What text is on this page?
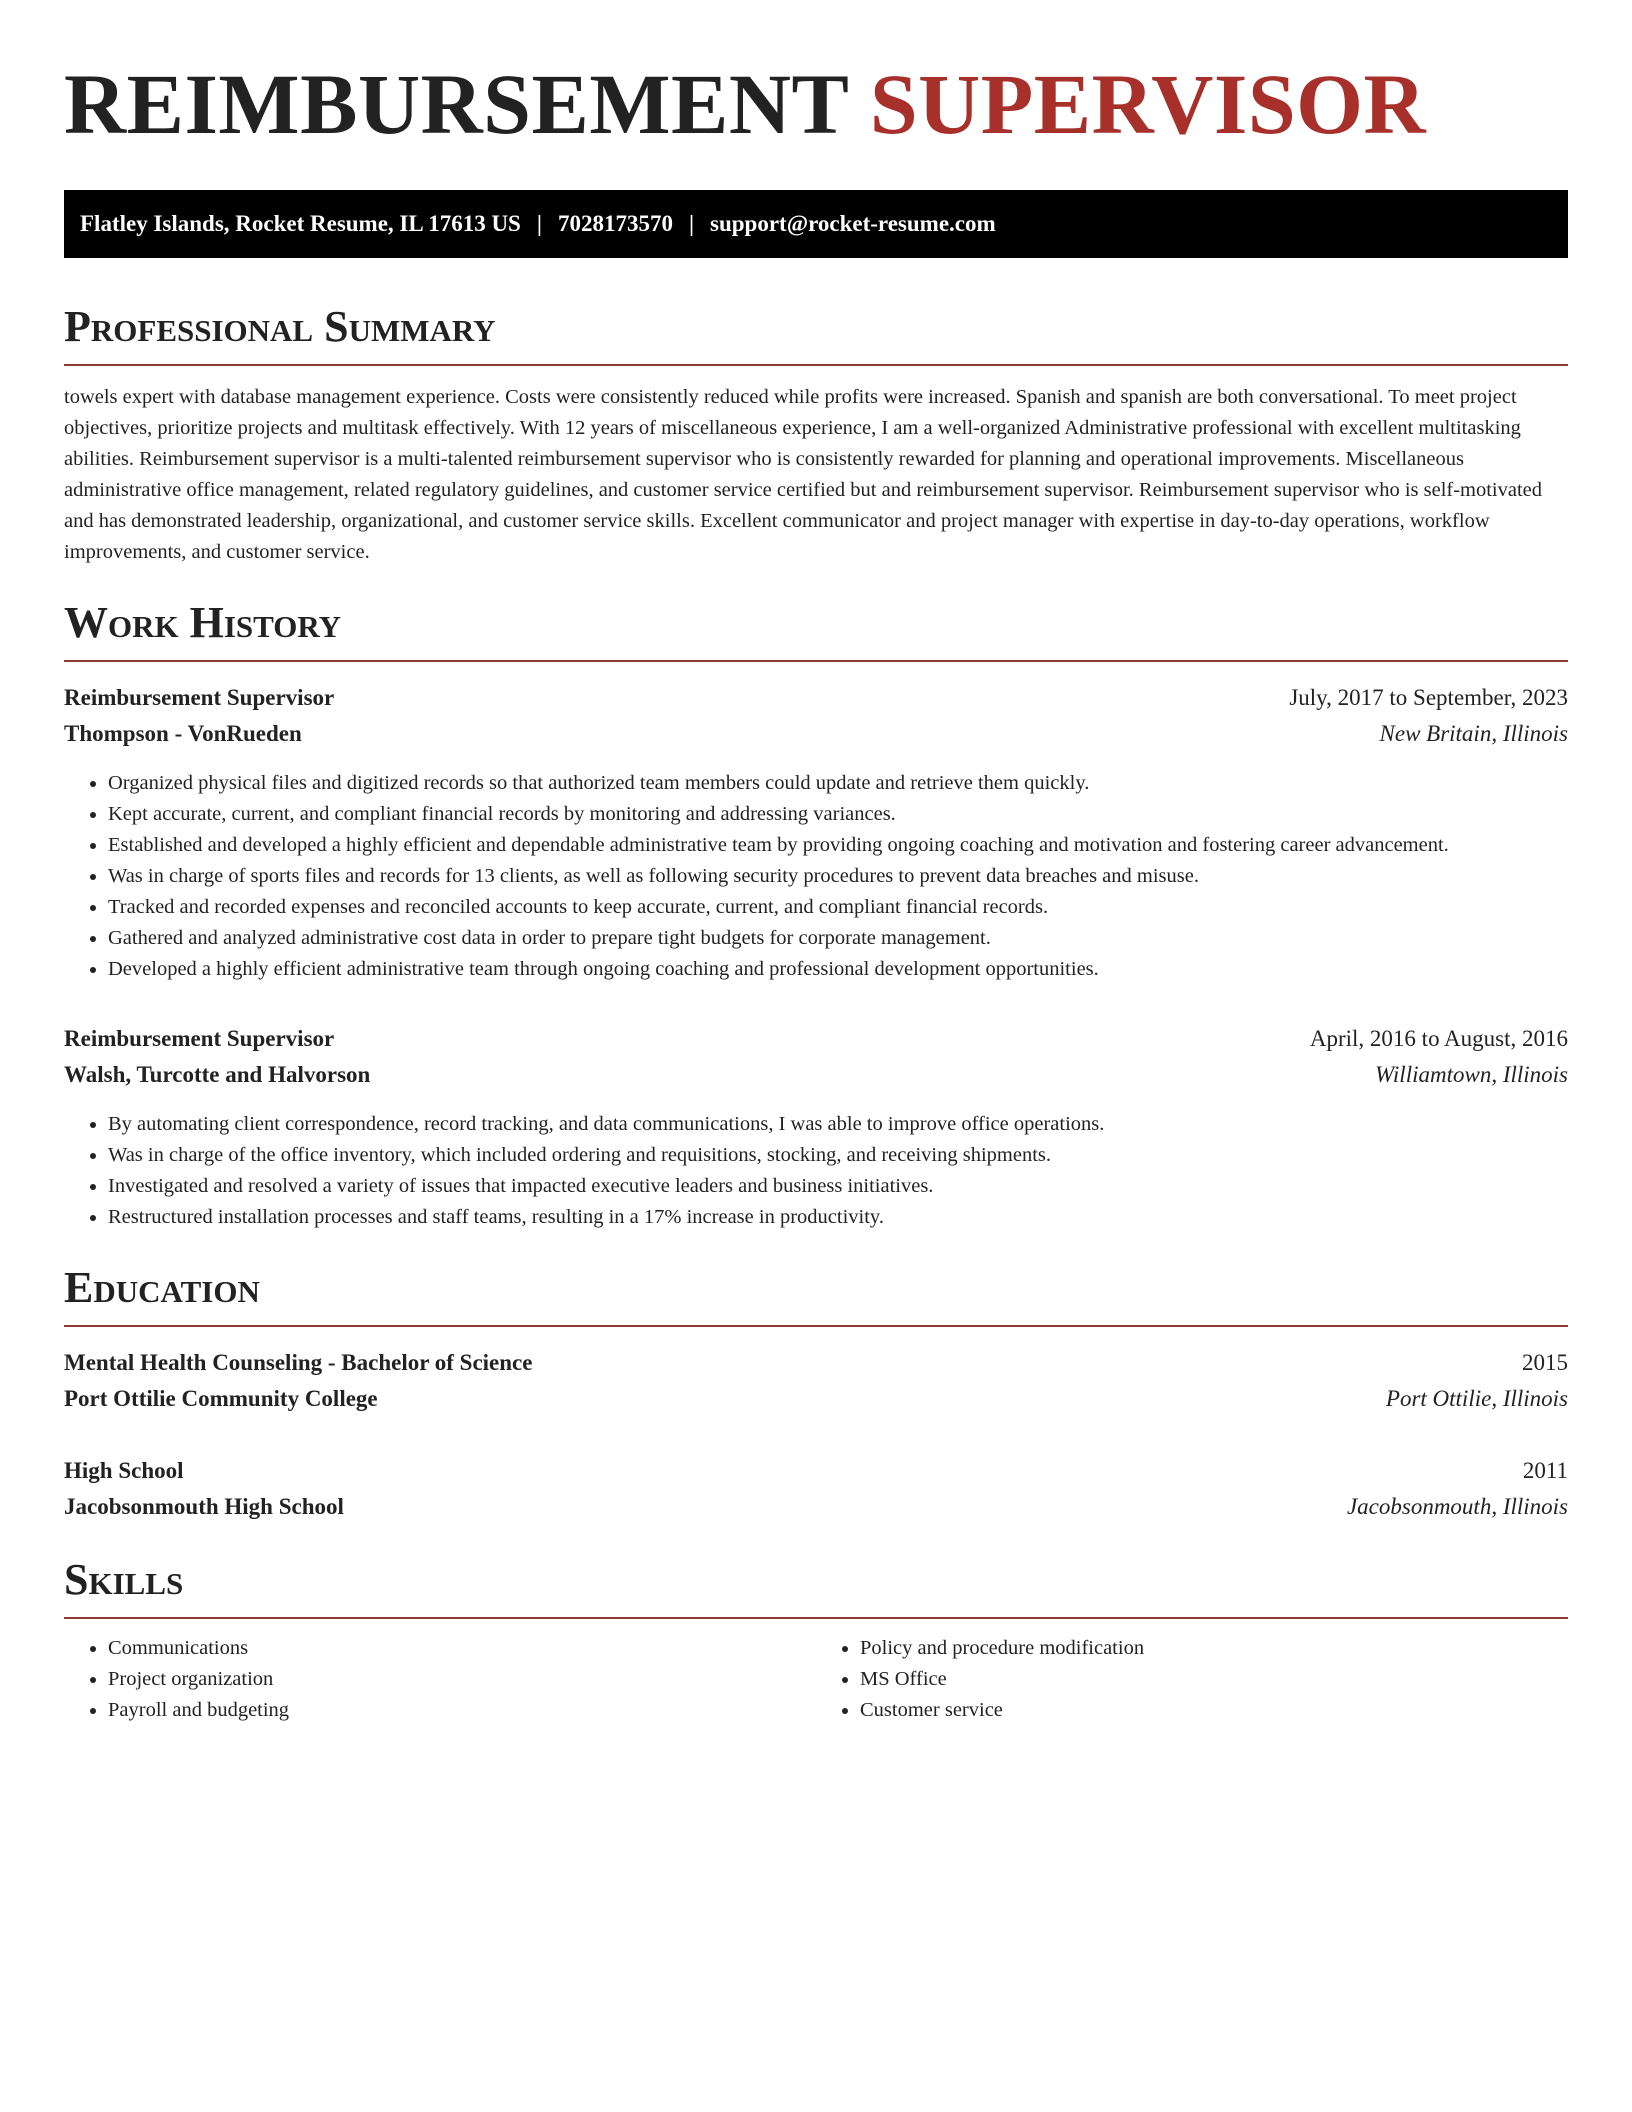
REIMBURSEMENT SUPERVISOR
Flatley Islands, Rocket Resume, IL 17613 US | 7028173570 | support@rocket-resume.com
Professional Summary

towels expert with database management experience. Costs were consistently reduced while profits were increased. Spanish and spanish are both conversational. To meet project objectives, prioritize projects and multitask effectively. With 12 years of miscellaneous experience, I am a well-organized Administrative professional with excellent multitasking abilities. Reimbursement supervisor is a multi-talented reimbursement supervisor who is consistently rewarded for planning and operational improvements. Miscellaneous administrative office management, related regulatory guidelines, and customer service certified but and reimbursement supervisor. Reimbursement supervisor who is self-motivated and has demonstrated leadership, organizational, and customer service skills. Excellent communicator and project manager with expertise in day-to-day operations, workflow improvements, and customer service.

Work History
Reimbursement Supervisor	July, 2017 to September, 2023
Thompson - VonRueden	New Britain, Illinois
• Organized physical files and digitized records so that authorized team members could update and retrieve them quickly.
• Kept accurate, current, and compliant financial records by monitoring and addressing variances.
• Established and developed a highly efficient and dependable administrative team by providing ongoing coaching and motivation and fostering career advancement.
• Was in charge of sports files and records for 13 clients, as well as following security procedures to prevent data breaches and misuse.
• Tracked and recorded expenses and reconciled accounts to keep accurate, current, and compliant financial records.
• Gathered and analyzed administrative cost data in order to prepare tight budgets for corporate management.
• Developed a highly efficient administrative team through ongoing coaching and professional development opportunities.
Reimbursement Supervisor	April, 2016 to August, 2016
Walsh, Turcotte and Halvorson	Williamtown, Illinois
• By automating client correspondence, record tracking, and data communications, I was able to improve office operations.
• Was in charge of the office inventory, which included ordering and requisitions, stocking, and receiving shipments.
• Investigated and resolved a variety of issues that impacted executive leaders and business initiatives.
• Restructured installation processes and staff teams, resulting in a 17% increase in productivity.
Education
Mental Health Counseling - Bachelor of Science	2015
Port Ottilie Community College	Port Ottilie, Illinois
High School	2011
Jacobsonmouth High School	Jacobsonmouth, Illinois
Skills
• Communications
• Project organization
• Payroll and budgeting
• Policy and procedure modification
• MS Office
• Customer service
